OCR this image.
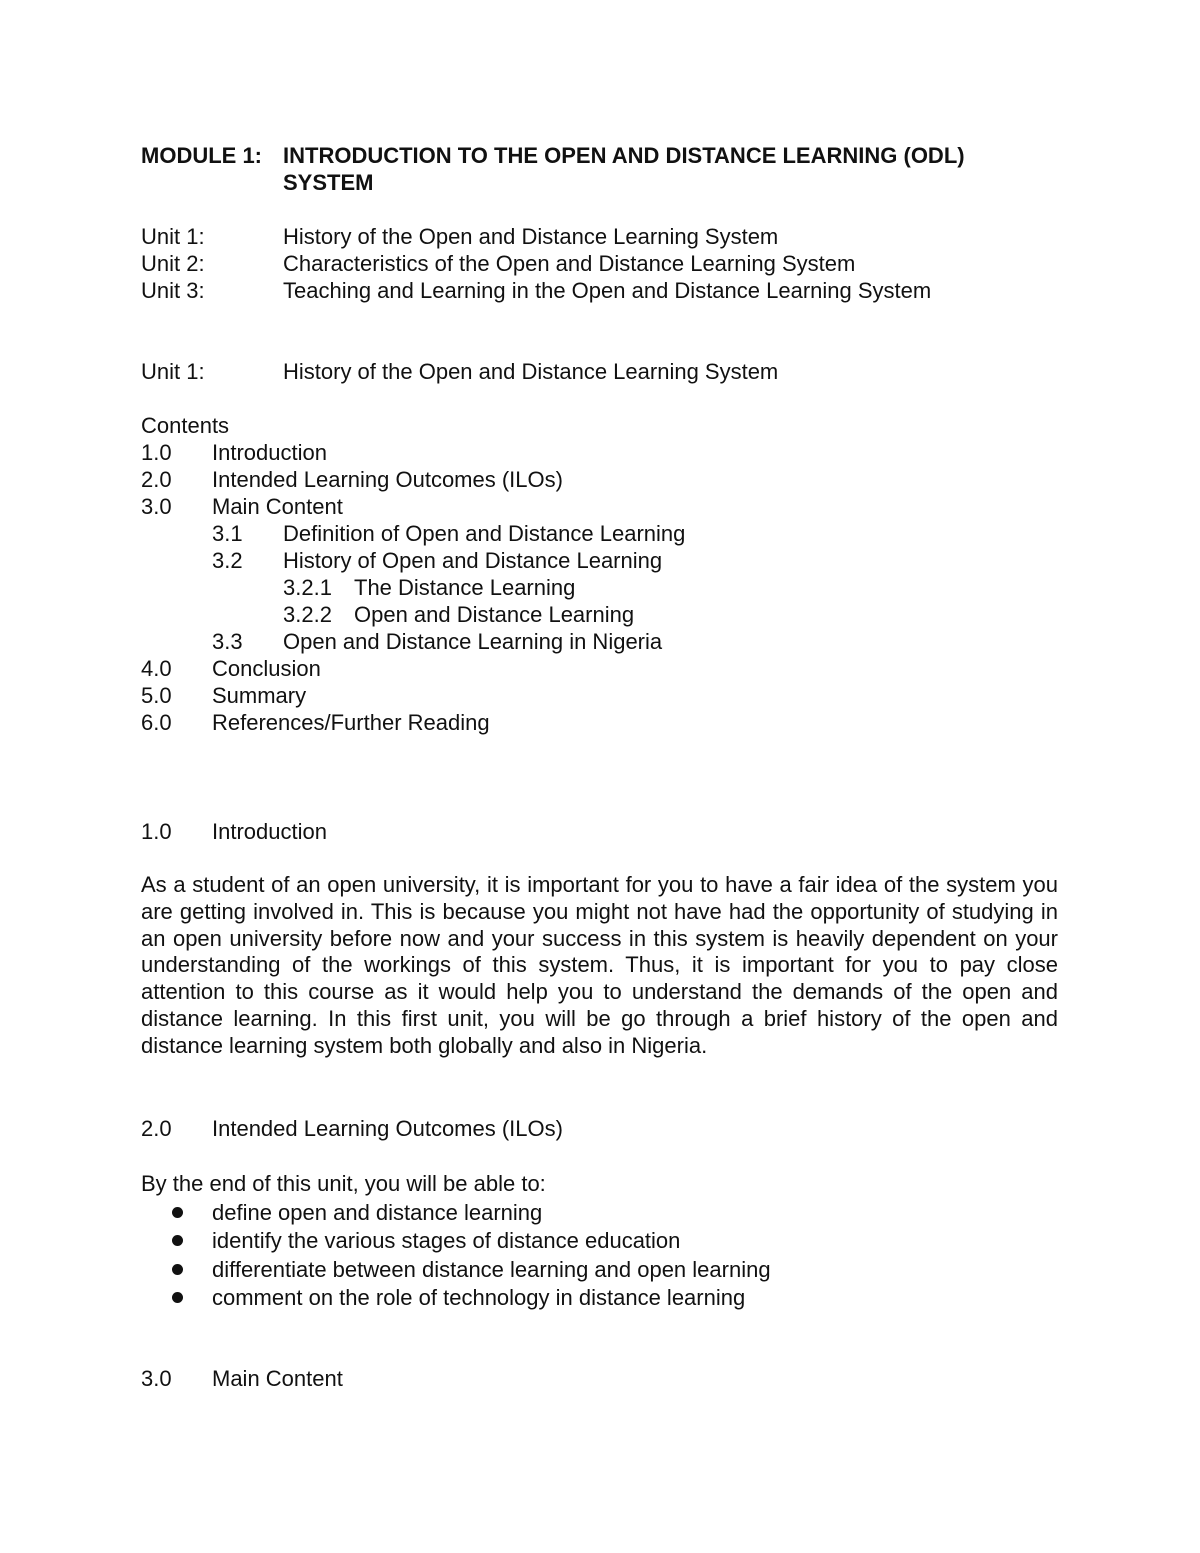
MODULE 1: INTRODUCTION TO THE OPEN AND DISTANCE LEARNING (ODL)
SYSTEM
Unit 1:	History of the Open and Distance Learning System
Unit 2:	Characteristics of the Open and Distance Learning System
Unit 3:	Teaching and Learning in the Open and Distance Learning System
Unit 1:	History of the Open and Distance Learning System
Contents
1.0 Introduction
2.0 Intended Learning Outcomes (ILOs)
3.0 Main Content
3.1 Definition of Open and Distance Learning
3.2 History of Open and Distance Learning
3.2.1 The Distance Learning
3.2.2 Open and Distance Learning
3.3 Open and Distance Learning in Nigeria
4.0 Conclusion
5.0 Summary
6.0 References/Further Reading
1.0 Introduction
As a student of an open university, it is important for you to have a fair idea of the system you are getting involved in. This is because you might not have had the opportunity of studying in an open university before now and your success in this system is heavily dependent on your understanding of the workings of this system. Thus, it is important for you to pay close attention to this course as it would help you to understand the demands of the open and distance learning. In this first unit, you will be go through a brief history of the open and distance learning system both globally and also in Nigeria.
2.0 Intended Learning Outcomes (ILOs)
By the end of this unit, you will be able to:
define open and distance learning
identify the various stages of distance education
differentiate between distance learning and open learning
comment on the role of technology in distance learning
3.0 Main Content
